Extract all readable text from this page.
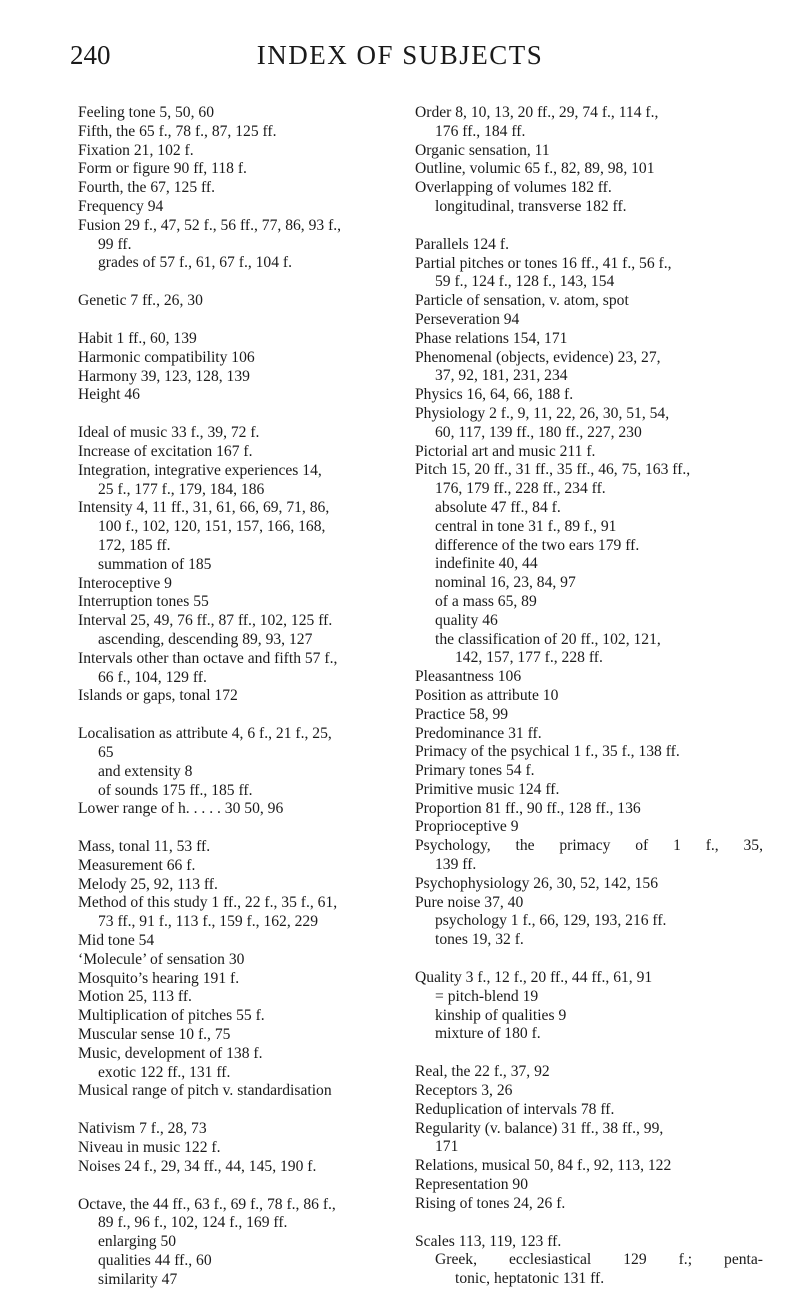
240	INDEX OF SUBJECTS
Feeling tone 5, 50, 60
Fifth, the 65 f., 78 f., 87, 125 ff.
Fixation 21, 102 f.
Form or figure 90 ff, 118 f.
Fourth, the 67, 125 ff.
Frequency 94
Fusion 29 f., 47, 52 f., 56 ff., 77, 86, 93 f.,
99 ff.
grades of 57 f., 61, 67 f., 104 f.
Genetic 7 ff., 26, 30
Habit 1 ff., 60, 139
Harmonic compatibility 106
Harmony 39, 123, 128, 139
Height 46
Ideal of music 33 f., 39, 72 f.
Increase of excitation 167 f.
Integration, integrative experiences 14,
25 f., 177 f., 179, 184, 186
Intensity 4, 11 ff., 31, 61, 66, 69, 71, 86,
100 f., 102, 120, 151, 157, 166, 168,
172, 185 ff.
summation of 185
Interoceptive 9
Interruption tones 55
Interval 25, 49, 76 ff., 87 ff., 102, 125 ff.
ascending, descending 89, 93, 127
Intervals other than octave and fifth 57 f.,
66 f., 104, 129 ff.
Islands or gaps, tonal 172
Localisation as attribute 4, 6 f., 21 f., 25,
65
and extensity 8
of sounds 175 ff., 185 ff.
Lower range of h. . . . . 30 50, 96
Mass, tonal 11, 53 ff.
Measurement 66 f.
Melody 25, 92, 113 ff.
Method of this study 1 ff., 22 f., 35 f., 61,
73 ff., 91 f., 113 f., 159 f., 162, 229
Mid tone 54
‘Molecule’ of sensation 30
Mosquito’s hearing 191 f.
Motion 25, 113 ff.
Multiplication of pitches 55 f.
Muscular sense 10 f., 75
Music, development of 138 f.
exotic 122 ff., 131 ff.
Musical range of pitch v. standardisation
Nativism 7 f., 28, 73
Niveau in music 122 f.
Noises 24 f., 29, 34 ff., 44, 145, 190 f.
Octave, the 44 ff., 63 f., 69 f., 78 f., 86 f.,
89 f., 96 f., 102, 124 f., 169 ff.
enlarging 50
qualities 44 ff., 60
similarity 47
Order 8, 10, 13, 20 ff., 29, 74 f., 114 f.,
176 ff., 184 ff.
Organic sensation, 11
Outline, volumic 65 f., 82, 89, 98, 101
Overlapping of volumes 182 ff.
longitudinal, transverse 182 ff.
Parallels 124 f.
Partial pitches or tones 16 ff., 41 f., 56 f.,
59 f., 124 f., 128 f., 143, 154
Particle of sensation, v. atom, spot
Perseveration 94
Phase relations 154, 171
Phenomenal (objects, evidence) 23, 27,
37, 92, 181, 231, 234
Physics 16, 64, 66, 188 f.
Physiology 2 f., 9, 11, 22, 26, 30, 51, 54,
60, 117, 139 ff., 180 ff., 227, 230
Pictorial art and music 211 f.
Pitch 15, 20 ff., 31 ff., 35 ff., 46, 75, 163 ff.,
176, 179 ff., 228 ff., 234 ff.
absolute 47 ff., 84 f.
central in tone 31 f., 89 f., 91
difference of the two ears 179 ff.
indefinite 40, 44
nominal 16, 23, 84, 97
of a mass 65, 89
quality 46
the classification of 20 ff., 102, 121,
142, 157, 177 f., 228 ff.
Pleasantness 106
Position as attribute 10
Practice 58, 99
Predominance 31 ff.
Primacy of the psychical 1 f., 35 f., 138 ff.
Primary tones 54 f.
Primitive music 124 ff.
Proportion 81 ff., 90 ff., 128 ff., 136
Proprioceptive 9
Psychology, the primacy of 1 f., 35,
139 ff.
Psychophysiology 26, 30, 52, 142, 156
Pure noise 37, 40
psychology 1 f., 66, 129, 193, 216 ff.
tones 19, 32 f.
Quality 3 f., 12 f., 20 ff., 44 ff., 61, 91
= pitch-blend 19
kinship of qualities 9
mixture of 180 f.
Real, the 22 f., 37, 92
Receptors 3, 26
Reduplication of intervals 78 ff.
Regularity (v. balance) 31 ff., 38 ff., 99,
171
Relations, musical 50, 84 f., 92, 113, 122
Representation 90
Rising of tones 24, 26 f.
Scales 113, 119, 123 ff.
Greek, ecclesiastical 129 f.; penta-
tonic, heptatonic 131 ff.
